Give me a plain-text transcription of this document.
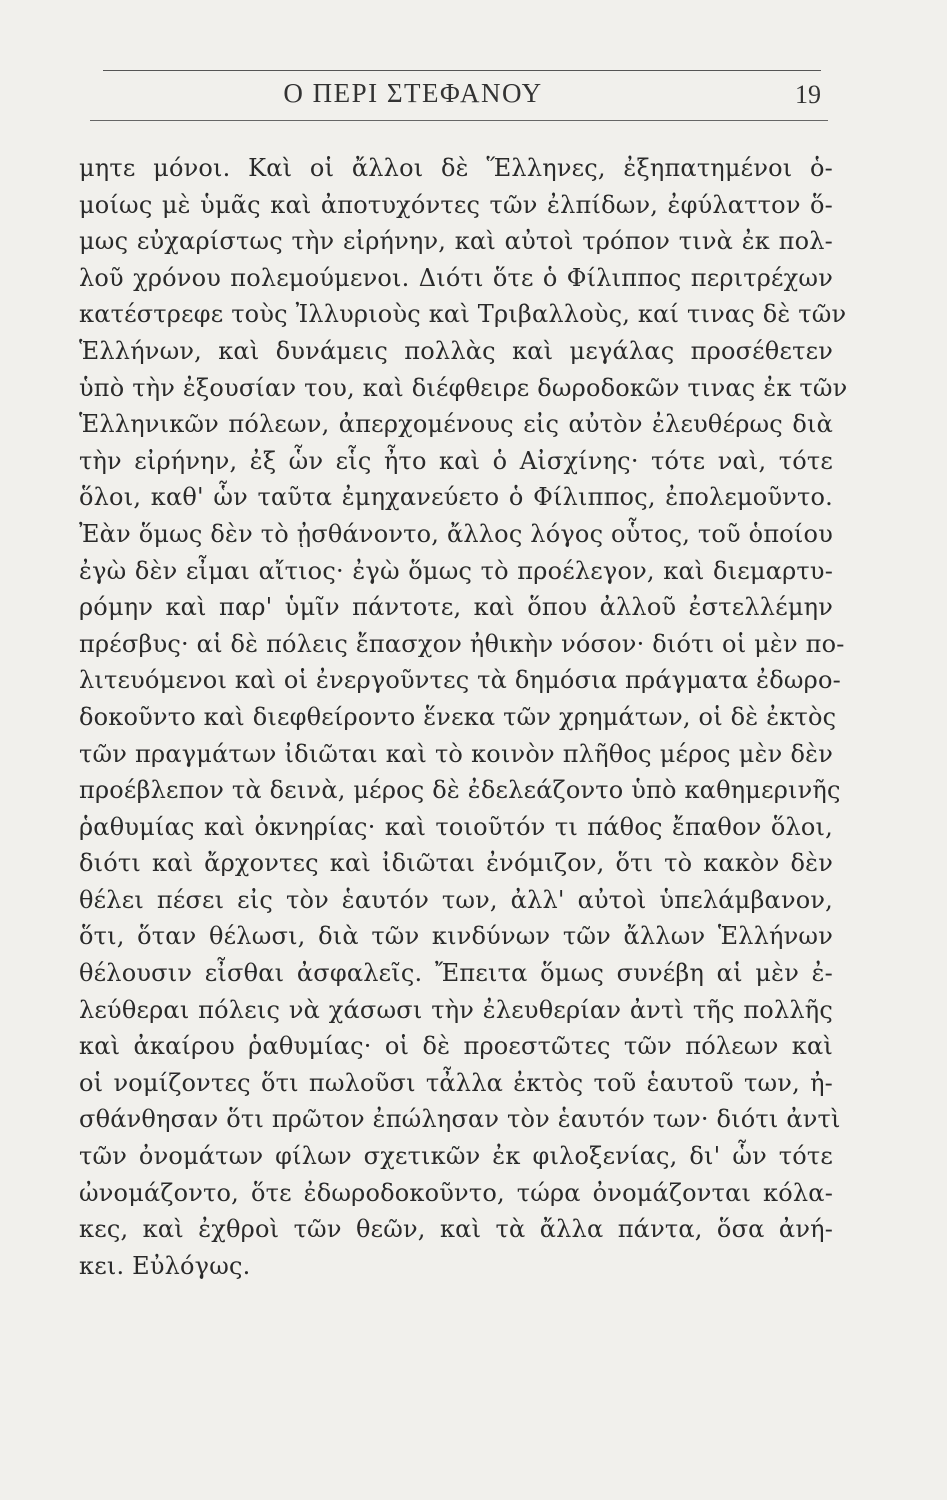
Ο ΠΕΡΙ ΣΤΕΦΑΝΟΥ	19
μητε μόνοι. Καὶ οἱ ἄλλοι δὲ Ἕλληνες, ἐξηπατημένοι ὁ-
μοίως μὲ ὑμᾶς καὶ ἀποτυχόντες τῶν ἐλπίδων, ἐφύλαττον ὅ-
μως εὐχαρίστως τὴν εἰρήνην, καὶ αὐτοὶ τρόπον τινὰ ἐκ πολ-
λοῦ χρόνου πολεμούμενοι. Διότι ὅτε ὁ Φίλιππος περιτρέχων
κατέστρεφε τοὺς Ἰλλυριοὺς καὶ Τριβαλλοὺς, καί τινας δὲ τῶν
Ἑλλήνων, καὶ δυνάμεις πολλὰς καὶ μεγάλας προσέθετεν
ὑπὸ τὴν ἐξουσίαν του, καὶ διέφθειρε δωροδοκῶν τινας ἐκ τῶν
Ἑλληνικῶν πόλεων, ἀπερχομένους εἰς αὐτὸν ἐλευθέρως διὰ
τὴν εἰρήνην, ἐξ ὧν εἷς ἦτο καὶ ὁ Αἰσχίνης· τότε ναὶ, τότε
ὅλοι, καθ' ὧν ταῦτα ἐμηχανεύετο ὁ Φίλιππος, ἐπολεμοῦντο.
Ἐὰν ὅμως δὲν τὸ ᾐσθάνοντο, ἄλλος λόγος οὗτος, τοῦ ὁποίου
ἐγὼ δὲν εἶμαι αἴτιος· ἐγὼ ὅμως τὸ προέλεγον, καὶ διεμαρτυ-
ρόμην καὶ παρ' ὑμῖν πάντοτε, καὶ ὅπου ἀλλοῦ ἐστελλέμην
πρέσβυς· αἱ δὲ πόλεις ἔπασχον ἠθικὴν νόσον· διότι οἱ μὲν πο-
λιτευόμενοι καὶ οἱ ἐνεργοῦντες τὰ δημόσια πράγματα ἐδωρο-
δοκοῦντο καὶ διεφθείροντο ἕνεκα τῶν χρημάτων, οἱ δὲ ἐκτὸς
τῶν πραγμάτων ἰδιῶται καὶ τὸ κοινὸν πλῆθος μέρος μὲν δὲν
προέβλεπον τὰ δεινὰ, μέρος δὲ ἐδελεάζοντο ὑπὸ καθημερινῆς
ῥαθυμίας καὶ ὀκνηρίας· καὶ τοιοῦτόν τι πάθος ἔπαθον ὅλοι,
διότι καὶ ἄρχοντες καὶ ἰδιῶται ἐνόμιζον, ὅτι τὸ κακὸν δὲν
θέλει πέσει εἰς τὸν ἑαυτόν των, ἀλλ' αὐτοὶ ὑπελάμβανον,
ὅτι, ὅταν θέλωσι, διὰ τῶν κινδύνων τῶν ἄλλων Ἑλλήνων
θέλουσιν εἶσθαι ἀσφαλεῖς. Ἔπειτα ὅμως συνέβη αἱ μὲν ἐ-
λεύθεραι πόλεις νὰ χάσωσι τὴν ἐλευθερίαν ἀντὶ τῆς πολλῆς
καὶ ἀκαίρου ῥαθυμίας· οἱ δὲ προεστῶτες τῶν πόλεων καὶ
οἱ νομίζοντες ὅτι πωλοῦσι τἆλλα ἐκτὸς τοῦ ἑαυτοῦ των, ἠ-
σθάνθησαν ὅτι πρῶτον ἐπώλησαν τὸν ἑαυτόν των· διότι ἀντὶ
τῶν ὀνομάτων φίλων σχετικῶν ἐκ φιλοξενίας, δι' ὧν τότε
ὠνομάζοντο, ὅτε ἐδωροδοκοῦντο, τώρα ὀνομάζονται κόλα-
κες, καὶ ἐχθροὶ τῶν θεῶν, καὶ τὰ ἄλλα πάντα, ὅσα ἀνή-
κει. Εὐλόγως.
